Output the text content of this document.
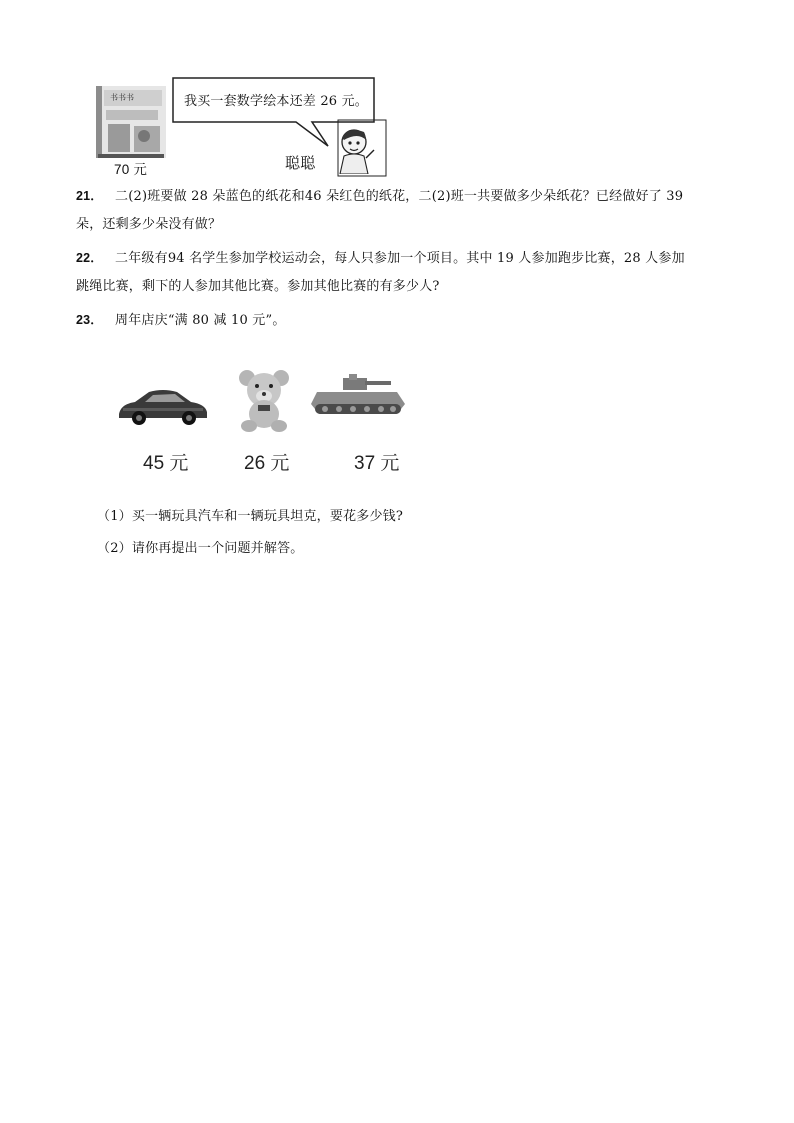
书书书
70 元
我买一套数学绘本还差 26 元。
聪聪
21． 二(2)班要做 28 朵蓝色的纸花和46 朵红色的纸花，二(2)班一共要做多少朵纸花？已经做好了 39
朵，还剩多少朵没有做？
22． 二年级有94 名学生参加学校运动会，每人只参加一个项目。其中 19 人参加跑步比赛，28 人参加
跳绳比赛，剩下的人参加其他比赛。参加其他比赛的有多少人?
23． 周年店庆“满 80 减 10 元”。
45 元	26 元	37 元
（1）买一辆玩具汽车和一辆玩具坦克，要花多少钱?
（2）请你再提出一个问题并解答。
